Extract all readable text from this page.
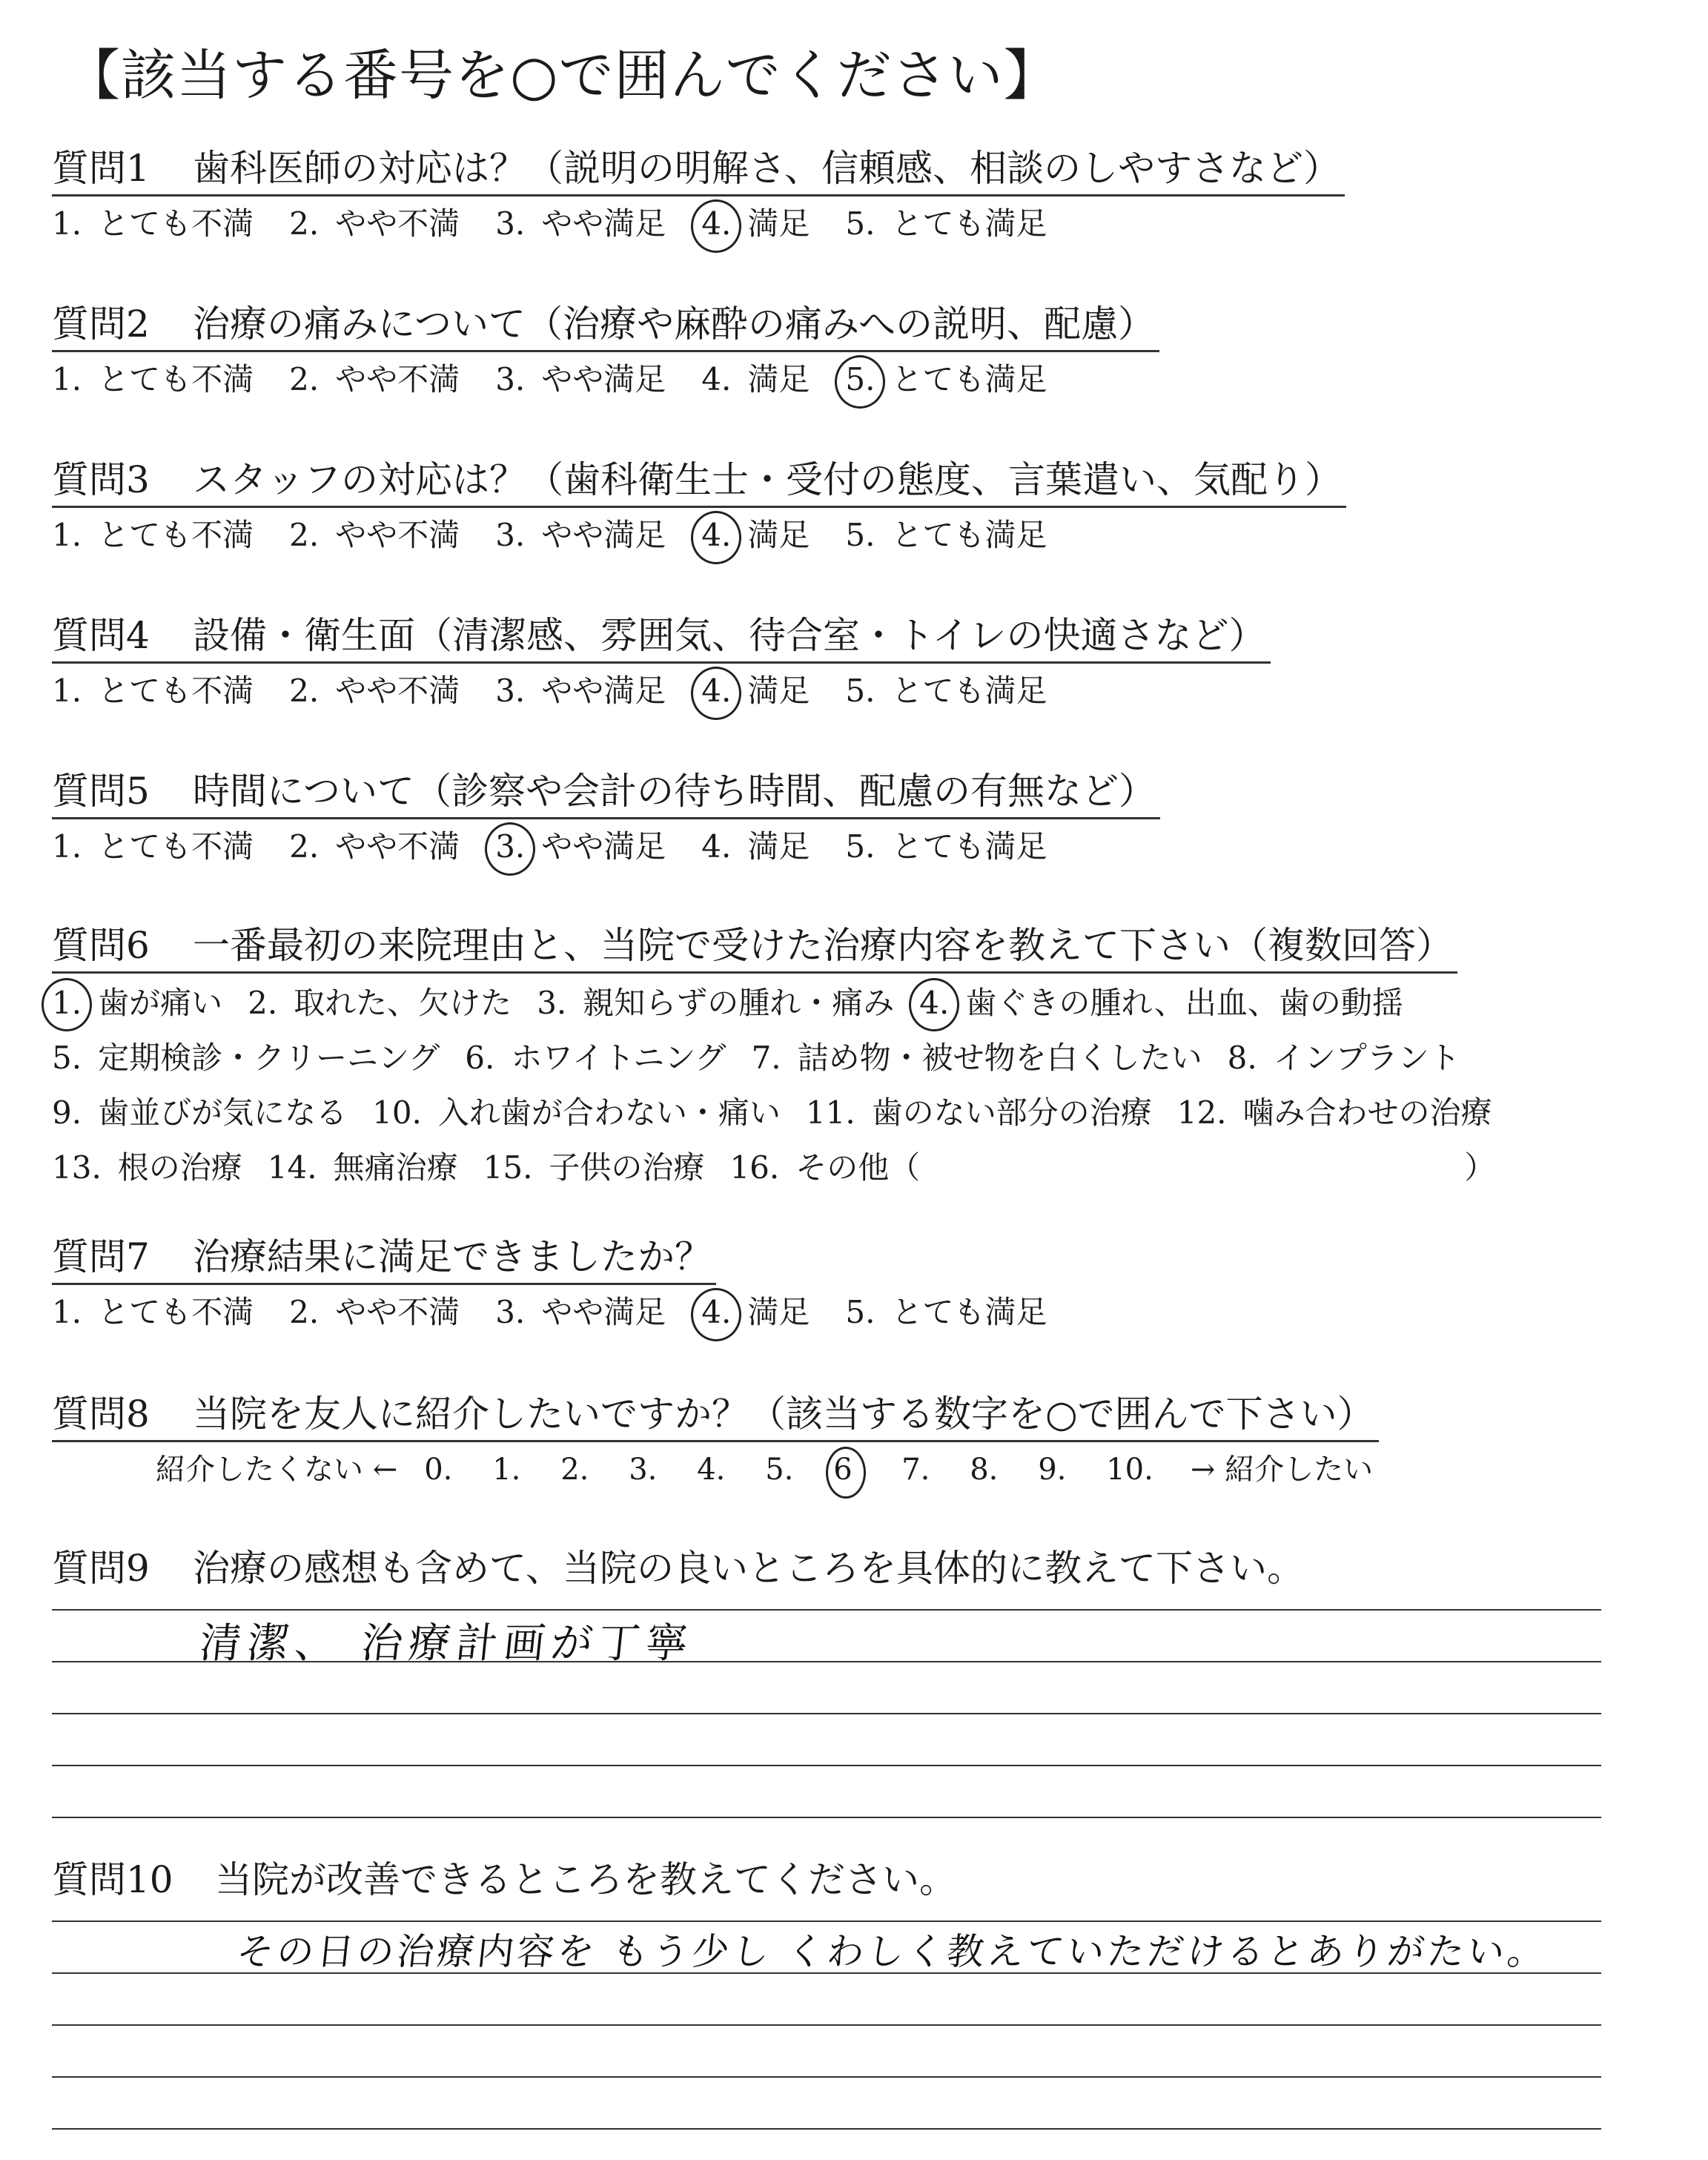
【該当する番号を○で囲んでください】
質問1 歯科医師の対応は？（説明の明解さ、信頼感、相談のしやすさなど）
1. とても不満 2. やや不満 3. やや満足 4. 満足 5. とても満足
質問2 治療の痛みについて（治療や麻酔の痛みへの説明、配慮）
1. とても不満 2. やや不満 3. やや満足 4. 満足 5. とても満足
質問3 スタッフの対応は？（歯科衛生士・受付の態度、言葉遣い、気配り）
1. とても不満 2. やや不満 3. やや満足 4. 満足 5. とても満足
質問4 設備・衛生面（清潔感、雰囲気、待合室・トイレの快適さなど）
1. とても不満 2. やや不満 3. やや満足 4. 満足 5. とても満足
質問5 時間について（診察や会計の待ち時間、配慮の有無など）
1. とても不満 2. やや不満 3. やや満足 4. 満足 5. とても満足
質問6 一番最初の来院理由と、当院で受けた治療内容を教えて下さい（複数回答）
1. 歯が痛い 2. 取れた、欠けた 3. 親知らずの腫れ・痛み 4. 歯ぐきの腫れ、出血、歯の動揺
5. 定期検診・クリーニング 6. ホワイトニング 7. 詰め物・被せ物を白くしたい 8. インプラント
9. 歯並びが気になる 10. 入れ歯が合わない・痛い 11. 歯のない部分の治療 12. 噛み合わせの治療
13. 根の治療 14. 無痛治療 15. 子供の治療 16. その他（	）
質問7 治療結果に満足できましたか？
1. とても不満 2. やや不満 3. やや満足 4. 満足 5. とても満足
質問8 当院を友人に紹介したいですか？（該当する数字を○で囲んで下さい）
紹介したくない ← 0. 1. 2. 3. 4. 5. 6 7. 8. 9. 10.	→ 紹介したい
質問9 治療の感想も含めて、当院の良いところを具体的に教えて下さい。
清潔、 治療計画が丁寧
質問10 当院が改善できるところを教えてください。
その日の治療内容を もう少し くわしく教えていただけるとありがたい。
